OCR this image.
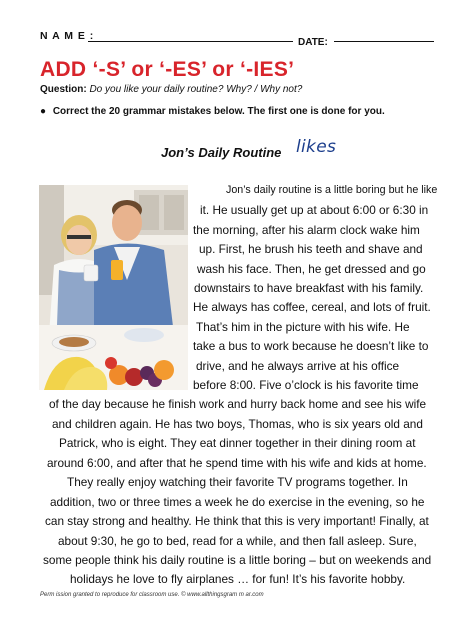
N A M E :
DATE:
ADD ‘-S’ or ‘-ES’ or ‘-IES’
Question: Do you like your daily routine? Why? / Why not?
● Correct the 20 grammar mistakes below. The first one is done for you.
Jon’s Daily Routine likes
Jon’s daily routine is a little boring but he like
it. He usually get up at about 6:00 or 6:30 in
the morning, after his alarm clock wake him
up. First, he brush his teeth and shave and
wash his face. Then, he get dressed and go
downstairs to have breakfast with his family.
He always has coffee, cereal, and lots of fruit.
That’s him in the picture with his wife. He
take a bus to work because he doesn’t like to
drive, and he always arrive at his office
before 8:00. Five o’clock is his favorite time
of the day because he finish work and hurry back home and see his wife
and children again. He has two boys, Thomas, who is six years old and
Patrick, who is eight. They eat dinner together in their dining room at
around 6:00, and after that he spend time with his wife and kids at home.
They really enjoy watching their favorite TV programs together. In
addition, two or three times a week he do exercise in the evening, so he
can stay strong and healthy. He think that this is very important! Finally, at
about 9:30, he go to bed, read for a while, and then fall asleep. Sure,
some people think his daily routine is a little boring – but on weekends and
holidays he love to fly airplanes … for fun! It’s his favorite hobby.
Perm ission granted to reproduce for classroom use. © www.allthingsgram m ar.com
